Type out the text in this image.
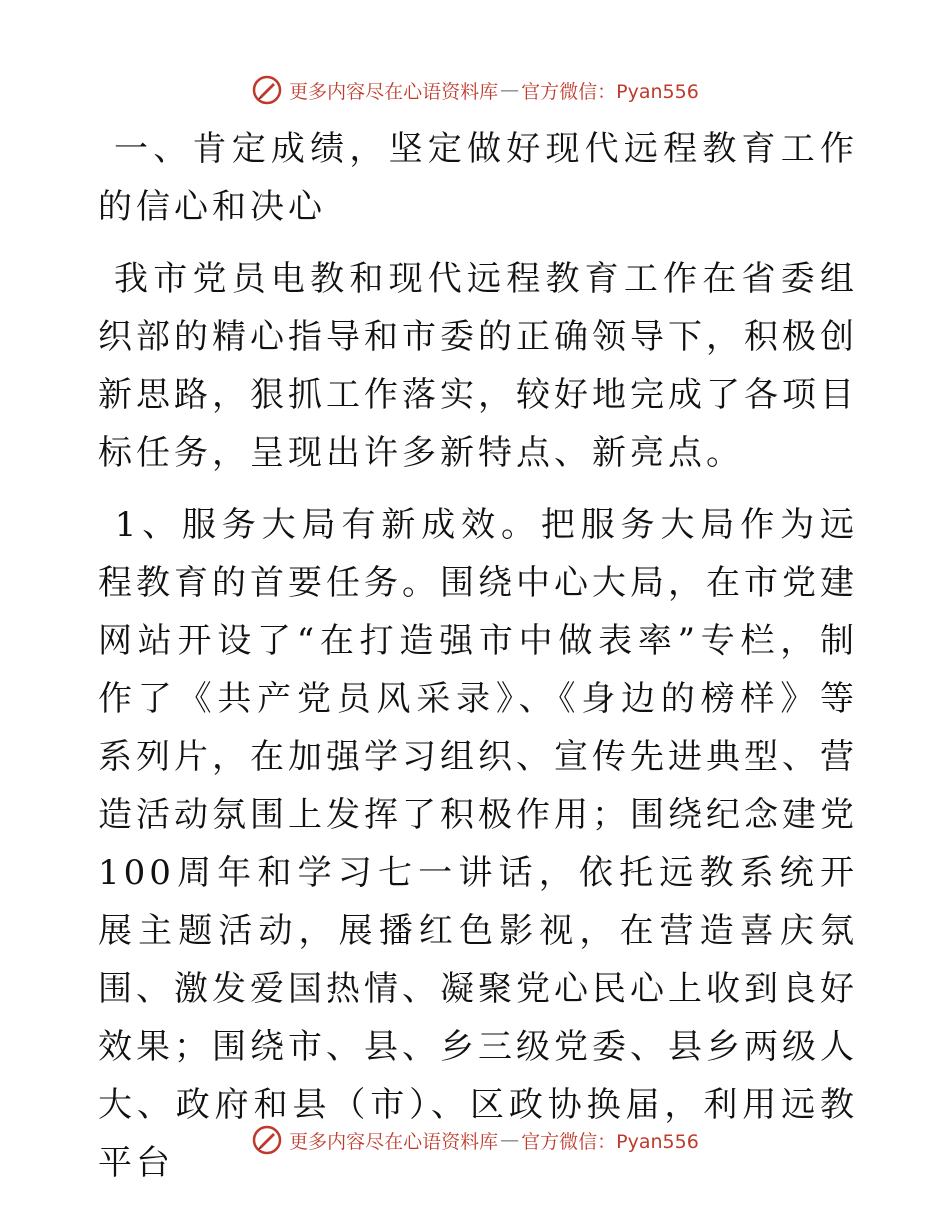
更多内容尽在心语资料库 — 官方微信：Pyan556

一、肯定成绩，坚定做好现代远程教育工作的信心和决心

我市党员电教和现代远程教育工作在省委组织部的精心指导和市委的正确领导下，积极创新思路，狠抓工作落实，较好地完成了各项目标任务，呈现出许多新特点、新亮点。

1、服务大局有新成效。把服务大局作为远程教育的首要任务。围绕中心大局，在市党建网站开设了“在打造强市中做表率”专栏，制作了《共产党员风采录》、《身边的榜样》等系列片，在加强学习组织、宣传先进典型、营造活动氛围上发挥了积极作用；围绕纪念建党100周年和学习七一讲话，依托远教系统开展主题活动，展播红色影视，在营造喜庆氛围、激发爱国热情、凝聚党心民心上收到良好效果；围绕市、县、乡三级党委、县乡两级人大、政府和县（市）、区政协换届，利用远教平台

更多内容尽在心语资料库 — 官方微信：Pyan556
